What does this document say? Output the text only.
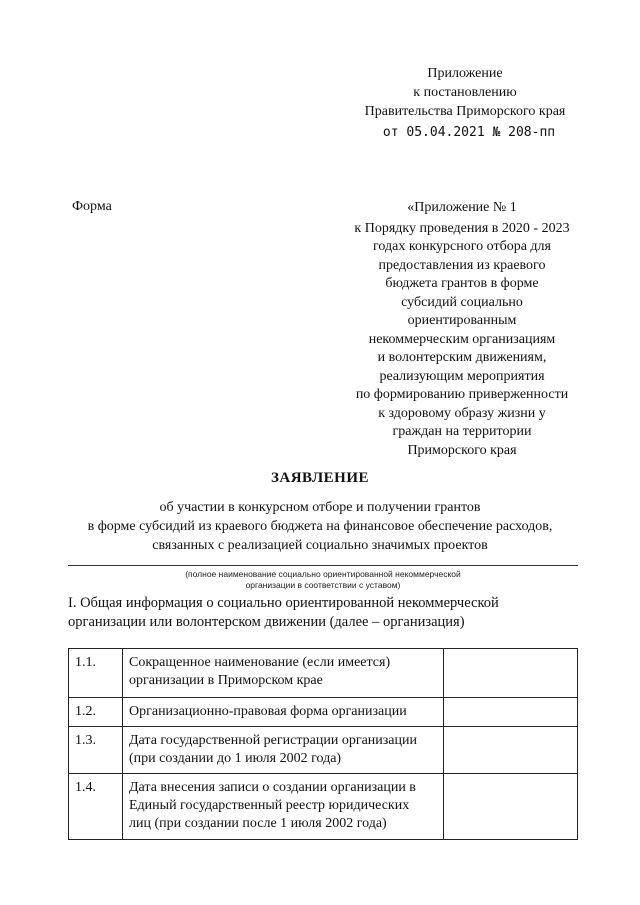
Приложение
к постановлению
Правительства Приморского края
от 05.04.2021 № 208-пп
Форма	«Приложение № 1
к Порядку проведения в 2020 - 2023
годах конкурсного отбора для
предоставления из краевого
бюджета грантов в форме
субсидий социально
ориентированным
некоммерческим организациям
и волонтерским движениям,
реализующим мероприятия
по формированию приверженности
к здоровому образу жизни у
граждан на территории
Приморского края
ЗАЯВЛЕНИЕ
об участии в конкурсном отборе и получении грантов
в форме субсидий из краевого бюджета на финансовое обеспечение расходов,
связанных с реализацией социально значимых проектов
(полное наименование социально ориентированной некоммерческой
организации в соответствии с уставом)
I. Общая информация о социально ориентированной некоммерческой
организации или волонтерском движении (далее – организация)
1.1.	Сокращенное наименование (если имеется)
организации в Приморском крае	

1.2.	Организационно-правовая форма организации	

1.3.	Дата государственной регистрации организации
(при создании до 1 июля 2002 года)	

1.4.	Дата внесения записи о создании организации в
Единый государственный реестр юридических
лиц (при создании после 1 июля 2002 года)	
